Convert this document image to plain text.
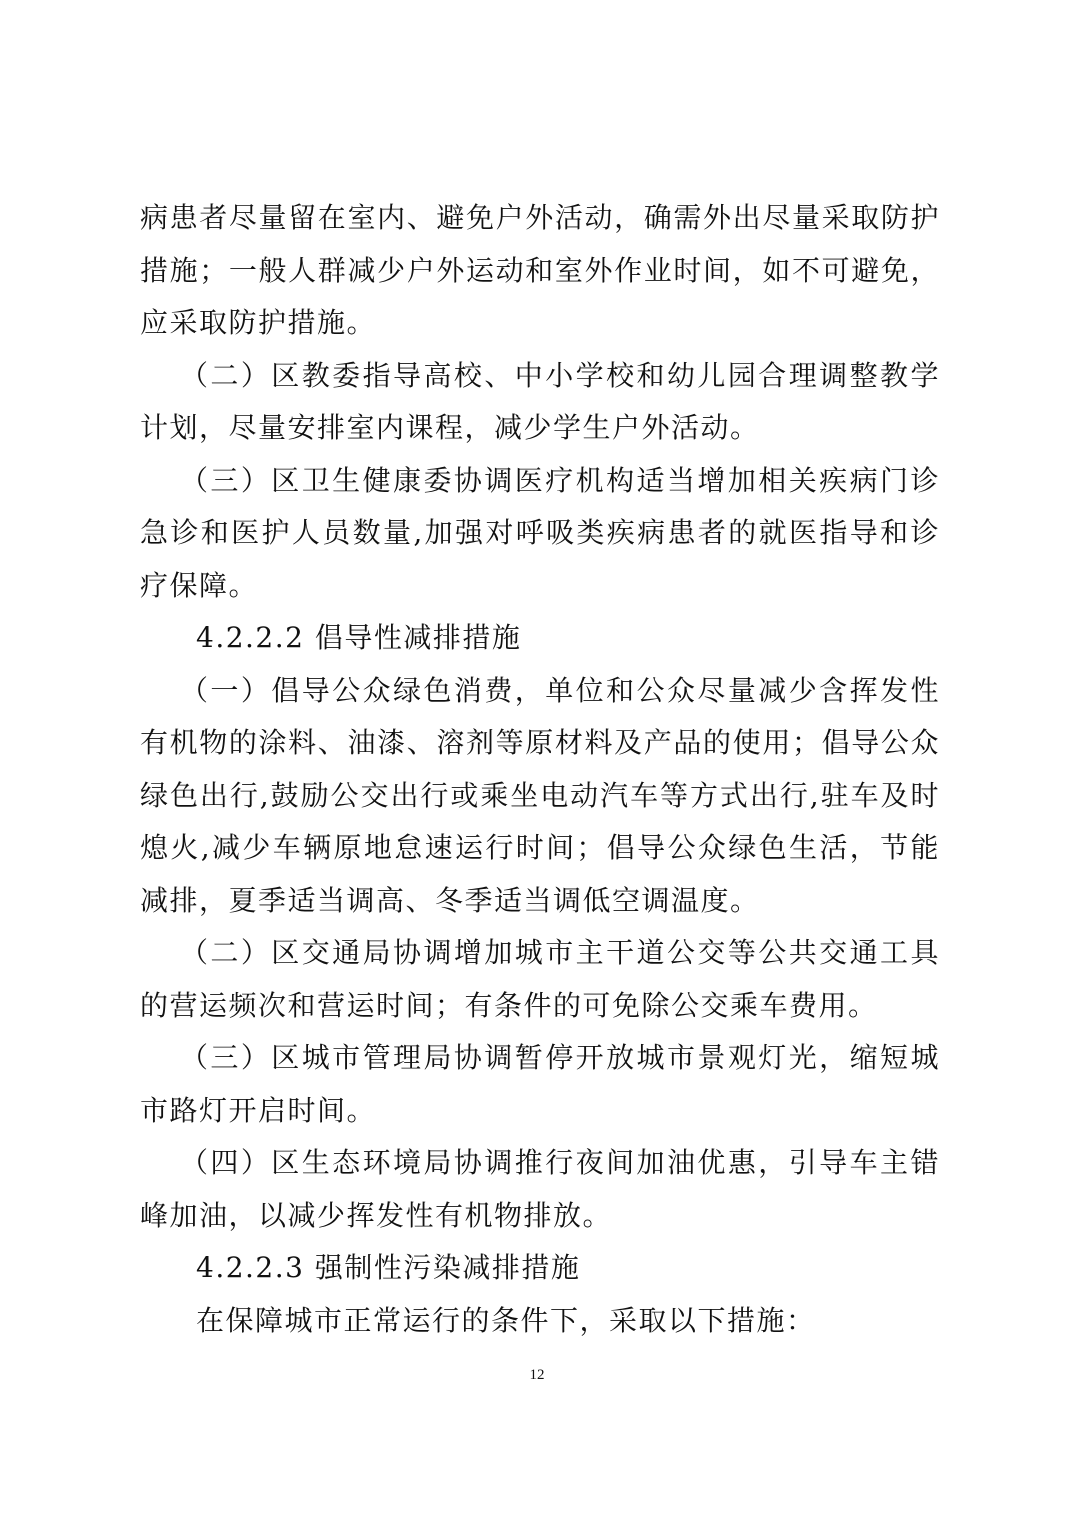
病患者尽量留在室内、避免户外活动，确需外出尽量采取防护措施；一般人群减少户外运动和室外作业时间，如不可避免，应采取防护措施。

（二）区教委指导高校、中小学校和幼儿园合理调整教学计划，尽量安排室内课程，减少学生户外活动。

（三）区卫生健康委协调医疗机构适当增加相关疾病门诊急诊和医护人员数量,加强对呼吸类疾病患者的就医指导和诊疗保障。

4.2.2.2 倡导性减排措施

（一）倡导公众绿色消费，单位和公众尽量减少含挥发性有机物的涂料、油漆、溶剂等原材料及产品的使用；倡导公众绿色出行,鼓励公交出行或乘坐电动汽车等方式出行,驻车及时熄火,减少车辆原地怠速运行时间；倡导公众绿色生活，节能减排，夏季适当调高、冬季适当调低空调温度。

（二）区交通局协调增加城市主干道公交等公共交通工具的营运频次和营运时间；有条件的可免除公交乘车费用。

（三）区城市管理局协调暂停开放城市景观灯光，缩短城市路灯开启时间。

（四）区生态环境局协调推行夜间加油优惠，引导车主错峰加油，以减少挥发性有机物排放。

4.2.2.3 强制性污染减排措施

在保障城市正常运行的条件下，采取以下措施：

12
